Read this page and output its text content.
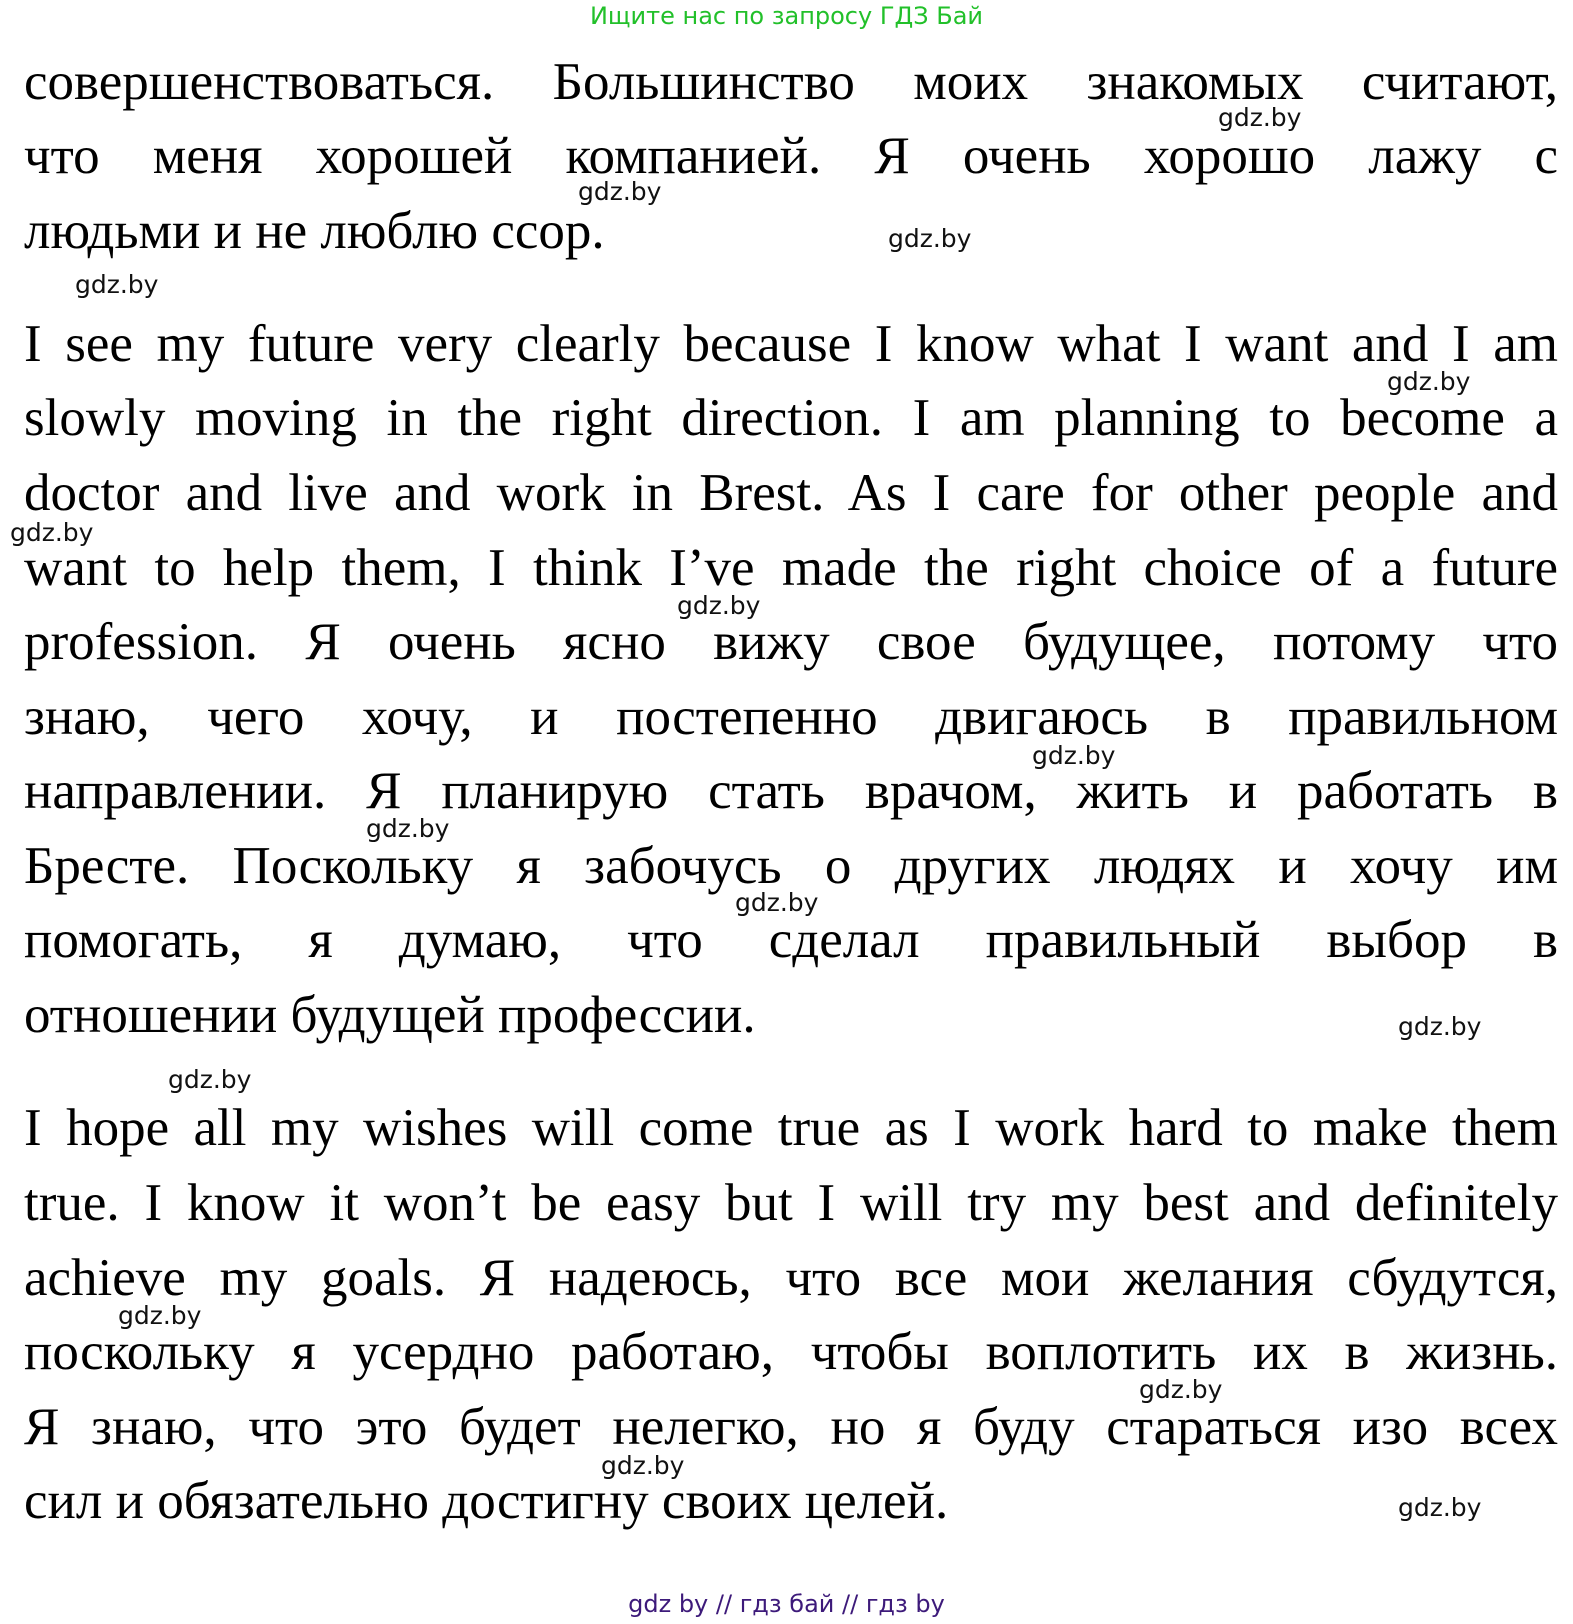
Ищите нас по запросу ГДЗ Бай
совершенствоваться. Большинство моих знакомых считают,
что меня хорошей компанией. Я очень хорошо лажу с
людьми и не люблю ссор.
I see my future very clearly because I know what I want and I am
slowly moving in the right direction. I am planning to become a
doctor and live and work in Brest. As I care for other people and
want to help them, I think I’ve made the right choice of a future
profession. Я очень ясно вижу свое будущее, потому что
знаю, чего хочу, и постепенно двигаюсь в правильном
направлении. Я планирую стать врачом, жить и работать в
Бресте. Поскольку я забочусь о других людях и хочу им
помогать, я думаю, что сделал правильный выбор в
отношении будущей профессии.
I hope all my wishes will come true as I work hard to make them
true. I know it won’t be easy but I will try my best and definitely
achieve my goals. Я надеюсь, что все мои желания сбудутся,
поскольку я усердно работаю, чтобы воплотить их в жизнь.
Я знаю, что это будет нелегко, но я буду стараться изо всех
сил и обязательно достигну своих целей.
gdz.by
gdz.by
gdz.by
gdz.by
gdz.by
gdz.by
gdz.by
gdz.by
gdz.by
gdz.by
gdz.by
gdz.by
gdz.by
gdz.by
gdz.by
gdz.by
gdz by // гдз бай // гдз by
